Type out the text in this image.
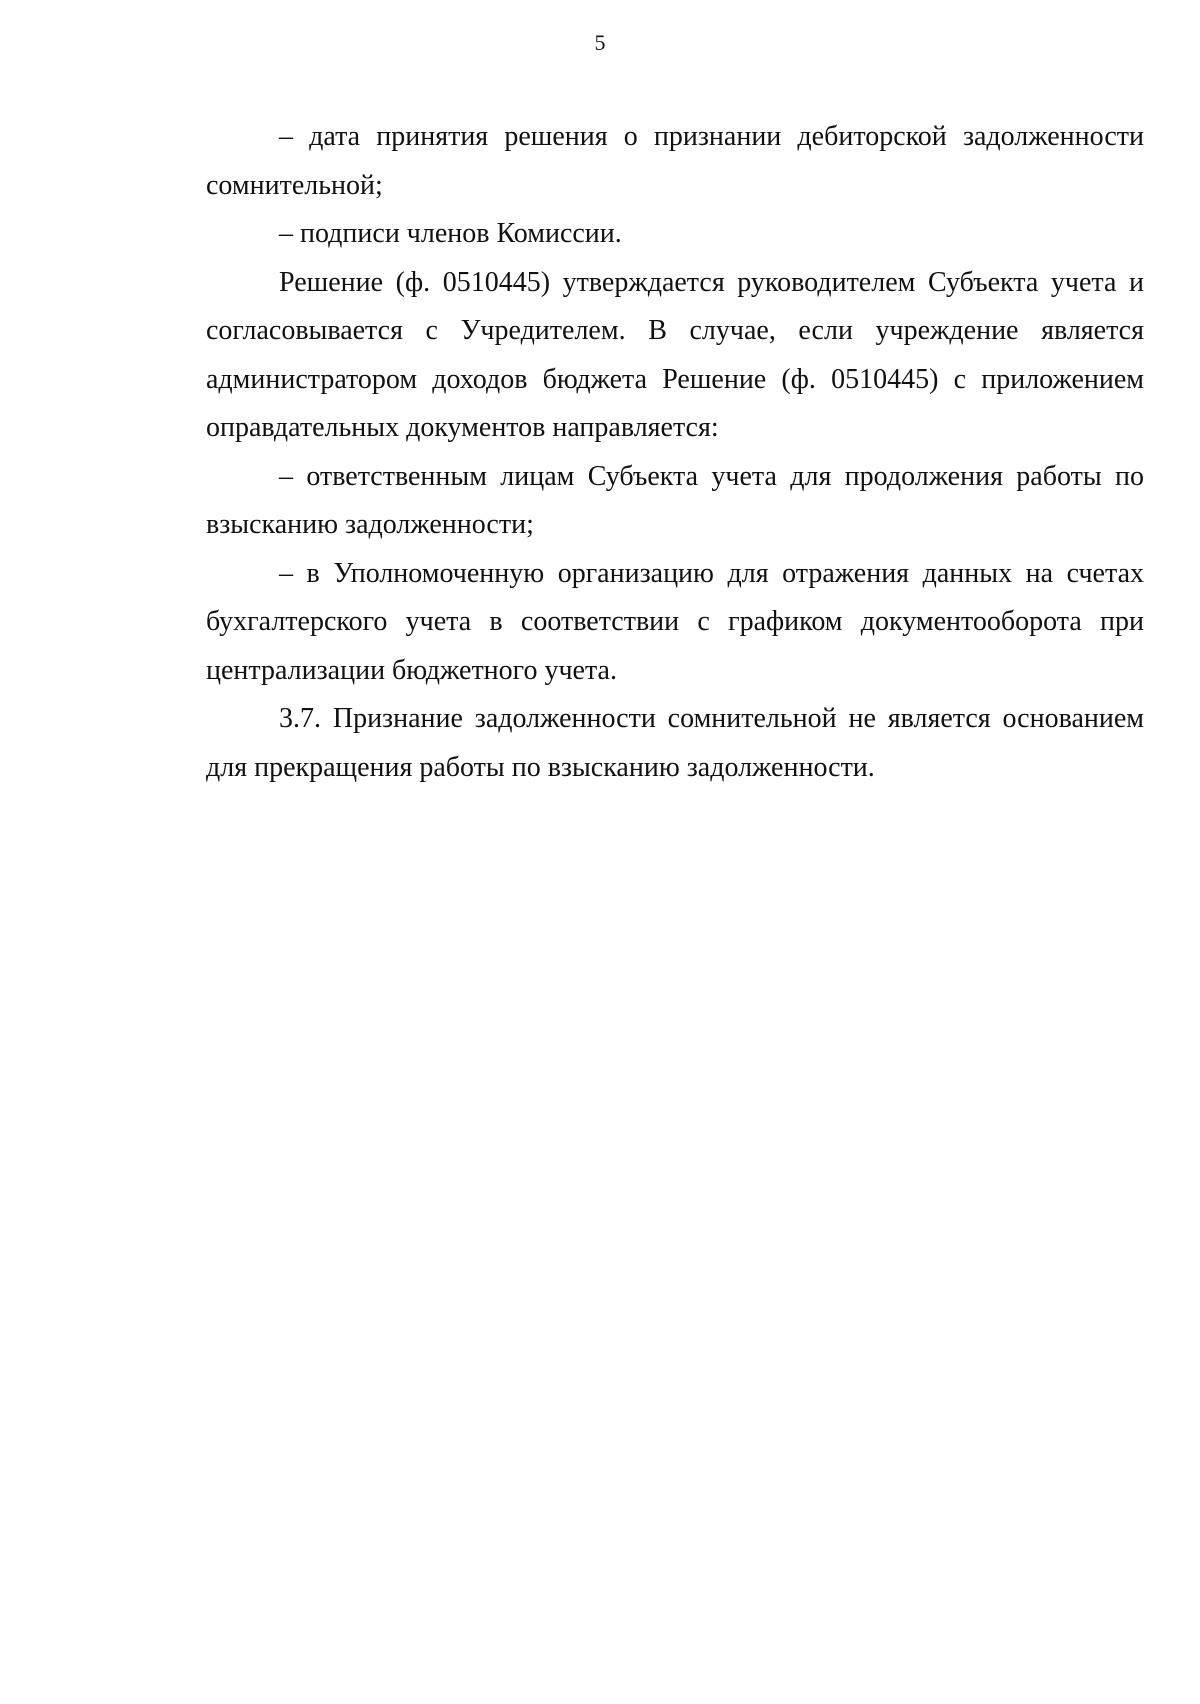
5

– дата принятия решения о признании дебиторской задолженности сомнительной;

– подписи членов Комиссии.

Решение (ф. 0510445) утверждается руководителем Субъекта учета и согласовывается с Учредителем. В случае, если учреждение является администратором доходов бюджета Решение (ф. 0510445) с приложением оправдательных документов направляется:

– ответственным лицам Субъекта учета для продолжения работы по взысканию задолженности;

– в Уполномоченную организацию для отражения данных на счетах бухгалтерского учета в соответствии с графиком документооборота при централизации бюджетного учета.

3.7. Признание задолженности сомнительной не является основанием для прекращения работы по взысканию задолженности.
